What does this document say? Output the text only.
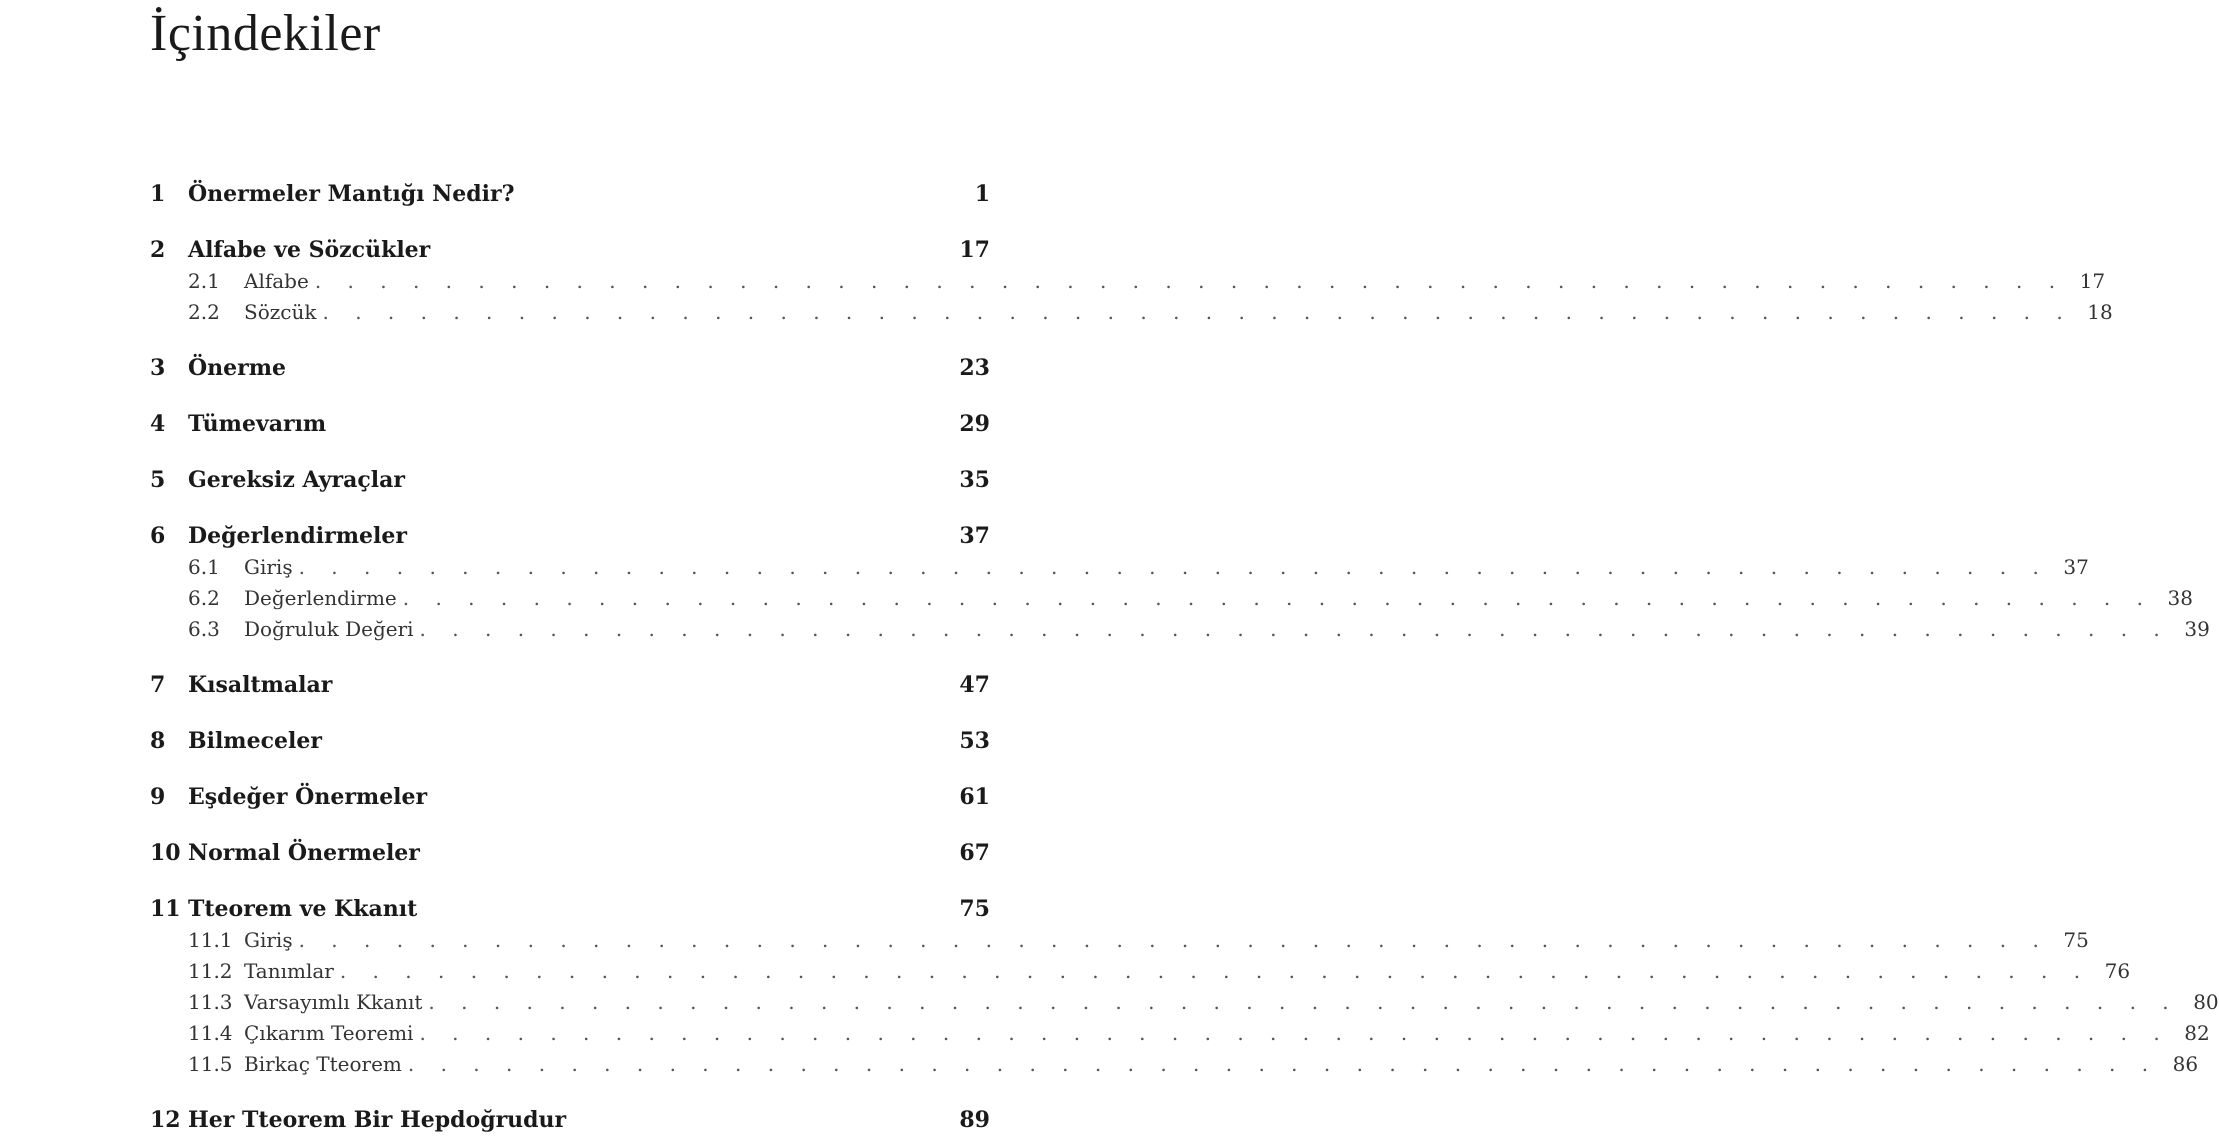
İçindekiler
1	Önermeler Mantığı Nedir?	1
2	Alfabe ve Sözcükler	17
2.1	Alfabe . . . . . . . . . . . . . . . . . . . . . . . . . . . . . . . . . . . . . . . . . . . . . . . . . . . . . . 17
2.2	Sözcük . . . . . . . . . . . . . . . . . . . . . . . . . . . . . . . . . . . . . . . . . . . . . . . . . . . . . . 18
3	Önerme	23
4	Tümevarım	29
5	Gereksiz Ayraçlar	35
6	Değerlendirmeler	37
6.1	Giriş . . . . . . . . . . . . . . . . . . . . . . . . . . . . . . . . . . . . . . . . . . . . . . . . . . . . . . 37
6.2	Değerlendirme . . . . . . . . . . . . . . . . . . . . . . . . . . . . . . . . . . . . . . . . . . . . . . . . . . . . . . 38
6.3	Doğruluk Değeri . . . . . . . . . . . . . . . . . . . . . . . . . . . . . . . . . . . . . . . . . . . . . . . . . . . . . . 39
7	Kısaltmalar	47
8	Bilmeceler	53
9	Eşdeğer Önermeler	61
10 Normal Önermeler	67
11 Tteorem ve Kkanıt	75
11.1 Giriş . . . . . . . . . . . . . . . . . . . . . . . . . . . . . . . . . . . . . . . . . . . . . . . . . . . . . . 75
11.2 Tanımlar . . . . . . . . . . . . . . . . . . . . . . . . . . . . . . . . . . . . . . . . . . . . . . . . . . . . . . 76
11.3 Varsayımlı Kkanıt . . . . . . . . . . . . . . . . . . . . . . . . . . . . . . . . . . . . . . . . . . . . . . . . . . . . . . 80
11.4 Çıkarım Teoremi . . . . . . . . . . . . . . . . . . . . . . . . . . . . . . . . . . . . . . . . . . . . . . . . . . . . . . 82
11.5 Birkaç Tteorem . . . . . . . . . . . . . . . . . . . . . . . . . . . . . . . . . . . . . . . . . . . . . . . . . . . . . . 86
12 Her Tteorem Bir Hepdoğrudur	89
